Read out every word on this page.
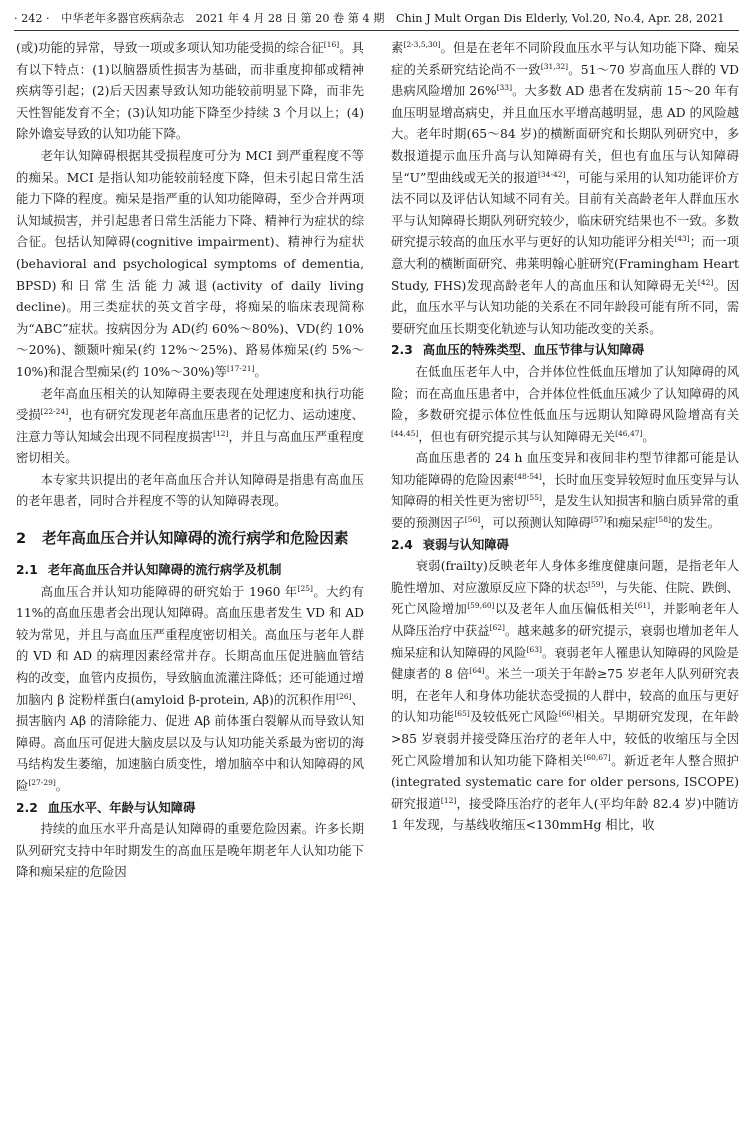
· 242 · 中华老年多器官疾病杂志 2021 年 4 月 28 日 第 20 卷 第 4 期 Chin J Mult Organ Dis Elderly, Vol.20, No.4, Apr. 28, 2021

(或)功能的异常，导致一项或多项认知功能受损的综合征[16]。具有以下特点：(1)以脑器质性损害为基础，而非重度抑郁或精神疾病等引起；(2)后天因素导致认知功能较前明显下降，而非先天性智能发育不全；(3)认知功能下降至少持续 3 个月以上；(4)除外谵妄导致的认知功能下降。

老年认知障碍根据其受损程度可分为 MCI 到严重程度不等的痴呆。MCI 是指认知功能较前轻度下降，但未引起日常生活能力下降的程度。痴呆是指严重的认知功能障碍，至少合并两项认知域损害，并引起患者日常生活能力下降、精神行为症状的综合征。包括认知障碍(cognitive impairment)、精神行为症状(behavioral and psychological symptoms of dementia, BPSD)和日常生活能力减退(activity of daily living decline)。用三类症状的英文首字母，将痴呆的临床表现简称为“ABC”症状。按病因分为 AD(约 60%～80%)、VD(约 10%～20%)、额颞叶痴呆(约 12%～25%)、路易体痴呆(约 5%～10%)和混合型痴呆(约 10%～30%)等[17-21]。

老年高血压相关的认知障碍主要表现在处理速度和执行功能受损[22-24]，也有研究发现老年高血压患者的记忆力、运动速度、注意力等认知域会出现不同程度损害[12]，并且与高血压严重程度密切相关。

本专家共识提出的老年高血压合并认知障碍是指患有高血压的老年患者，同时合并程度不等的认知障碍表现。

2 老年高血压合并认知障碍的流行病学和危险因素
2.1 老年高血压合并认知障碍的流行病学及机制

高血压合并认知功能障碍的研究始于 1960 年[25]。大约有 11%的高血压患者会出现认知障碍。高血压患者发生 VD 和 AD 较为常见，并且与高血压严重程度密切相关。高血压与老年人群的 VD 和 AD 的病理因素经常并存。长期高血压促进脑血管结构的改变，血管内皮损伤，导致脑血流灌注降低；还可能通过增加脑内 β 淀粉样蛋白(amyloid β-protein, Aβ)的沉积作用[26]、损害脑内 Aβ 的清除能力、促进 Aβ 前体蛋白裂解从而导致认知障碍。高血压可促进大脑皮层以及与认知功能关系最为密切的海马结构发生萎缩，加速脑白质变性，增加脑卒中和认知障碍的风险[27-29]。

2.2 血压水平、年龄与认知障碍

持续的血压水平升高是认知障碍的重要危险因素。许多长期队列研究支持中年时期发生的高血压是晚年期老年人认知功能下降和痴呆症的危险因

素[2-3,5,30]。但是在老年不同阶段血压水平与认知功能下降、痴呆症的关系研究结论尚不一致[31,32]。51～70 岁高血压人群的 VD 患病风险增加 26%[33]。大多数 AD 患者在发病前 15～20 年有血压明显增高病史，并且血压水平增高越明显，患 AD 的风险越大。老年时期(65～84 岁)的横断面研究和长期队列研究中，多数报道提示血压升高与认知障碍有关，但也有血压与认知障碍呈“U”型曲线或无关的报道[34-42]，可能与采用的认知功能评价方法不同以及评估认知域不同有关。目前有关高龄老年人群血压水平与认知障碍长期队列研究较少，临床研究结果也不一致。多数研究提示较高的血压水平与更好的认知功能评分相关[43]；而一项意大利的横断面研究、弗莱明翰心脏研究(Framingham Heart Study, FHS)发现高龄老年人的高血压和认知障碍无关[42]。因此，血压水平与认知功能的关系在不同年龄段可能有所不同，需要研究血压长期变化轨迹与认知功能改变的关系。

2.3 高血压的特殊类型、血压节律与认知障碍

在低血压老年人中，合并体位性低血压增加了认知障碍的风险；而在高血压患者中，合并体位性低血压减少了认知障碍的风险，多数研究提示体位性低血压与远期认知障碍风险增高有关[44,45]，但也有研究提示其与认知障碍无关[46,47]。

高血压患者的 24 h 血压变异和夜间非杓型节律都可能是认知功能障碍的危险因素[48-54]，长时血压变异较短时血压变异与认知障碍的相关性更为密切[55]，是发生认知损害和脑白质异常的重要的预测因子[56]，可以预测认知障碍[57]和痴呆症[58]的发生。

2.4 衰弱与认知障碍

衰弱(frailty)反映老年人身体多维度健康问题，是指老年人脆性增加、对应激原反应下降的状态[59]，与失能、住院、跌倒、死亡风险增加[59,60]以及老年人血压偏低相关[61]，并影响老年人从降压治疗中获益[62]。越来越多的研究提示，衰弱也增加老年人痴呆症和认知障碍的风险[63]。衰弱老年人罹患认知障碍的风险是健康者的 8 倍[64]。米兰一项关于年龄≥75 岁老年人队列研究表明，在老年人和身体功能状态受损的人群中，较高的血压与更好的认知功能[65]及较低死亡风险[66]相关。早期研究发现，在年龄>85 岁衰弱并接受降压治疗的老年人中，较低的收缩压与全因死亡风险增加和认知功能下降相关[60,67]。新近老年人整合照护(integrated systematic care for older persons, ISCOPE)研究报道[12]，接受降压治疗的老年人(平均年龄 82.4 岁)中随访 1 年发现，与基线收缩压<130mmHg 相比，收
